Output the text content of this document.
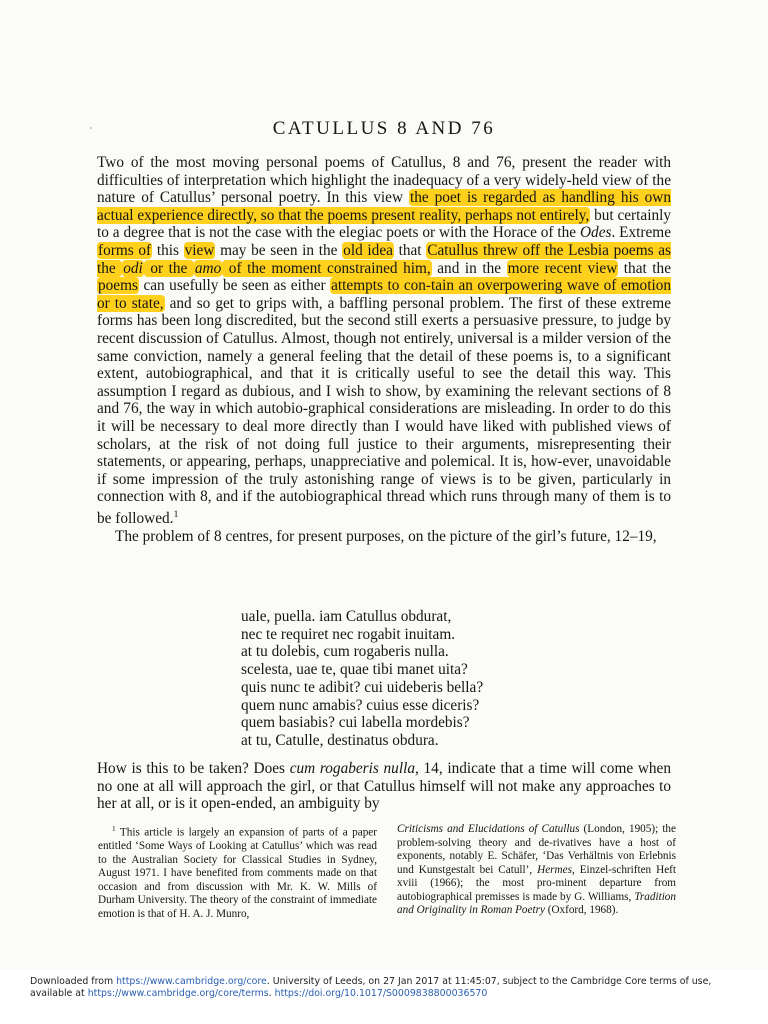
CATULLUS 8 AND 76

Two of the most moving personal poems of Catullus, 8 and 76, present the reader with difficulties of interpretation which highlight the inadequacy of a very widely-held view of the nature of Catullus’ personal poetry. In this view the poet is regarded as handling his own actual experience directly, so that the poems present reality, perhaps not entirely, but certainly to a degree that is not the case with the elegiac poets or with the Horace of the Odes. Extreme forms of this view may be seen in the old idea that Catullus threw off the Lesbia poems as the odi or the amo of the moment constrained him, and in the more recent view that the poems can usefully be seen as either attempts to con-tain an overpowering wave of emotion or to state, and so get to grips with, a baffling personal problem. The first of these extreme forms has been long discredited, but the second still exerts a persuasive pressure, to judge by recent discussion of Catullus. Almost, though not entirely, universal is a milder version of the same conviction, namely a general feeling that the detail of these poems is, to a significant extent, autobiographical, and that it is critically useful to see the detail this way. This assumption I regard as dubious, and I wish to show, by examining the relevant sections of 8 and 76, the way in which autobio-graphical considerations are misleading. In order to do this it will be necessary to deal more directly than I would have liked with published views of scholars, at the risk of not doing full justice to their arguments, misrepresenting their statements, or appearing, perhaps, unappreciative and polemical. It is, how-ever, unavoidable if some impression of the truly astonishing range of views is to be given, particularly in connection with 8, and if the autobiographical thread which runs through many of them is to be followed.$^1$

The problem of 8 centres, for present purposes, on the picture of the girl’s future, 12–19,

uale, puella. iam Catullus obdurat,
nec te requiret nec rogabit inuitam.
at tu dolebis, cum rogaberis nulla.
scelesta, uae te, quae tibi manet uita?
quis nunc te adibit? cui uideberis bella?
quem nunc amabis? cuius esse diceris?
quem basiabis? cui labella mordebis?
at tu, Catulle, destinatus obdura.
How is this to be taken? Does cum rogaberis nulla, 14, indicate that a time will come when no one at all will approach the girl, or that Catullus himself will not make any approaches to her at all, or is it open-ended, an ambiguity by

$^1$ This article is largely an expansion of parts of a paper entitled ‘Some Ways of Looking at Catullus’ which was read to the Australian Society for Classical Studies in Sydney, August 1971. I have benefited from comments made on that occasion and from discussion with Mr. K. W. Mills of Durham University. The theory of the constraint of immediate emotion is that of H. A. J. Munro,

Criticisms and Elucidations of Catullus (London, 1905); the problem-solving theory and de-rivatives have a host of exponents, notably E. Schäfer, ‘Das Verhältnis von Erlebnis und Kunstgestalt bei Catull’, Hermes, Einzel-schriften Heft xviii (1966); the most pro-minent departure from autobiographical premisses is made by G. Williams, Tradition and Originality in Roman Poetry (Oxford, 1968).

Downloaded from https://www.cambridge.org/core. University of Leeds, on 27 Jan 2017 at 11:45:07, subject to the Cambridge Core terms of use,
available at https://www.cambridge.org/core/terms. https://doi.org/10.1017/S0009838800036570
